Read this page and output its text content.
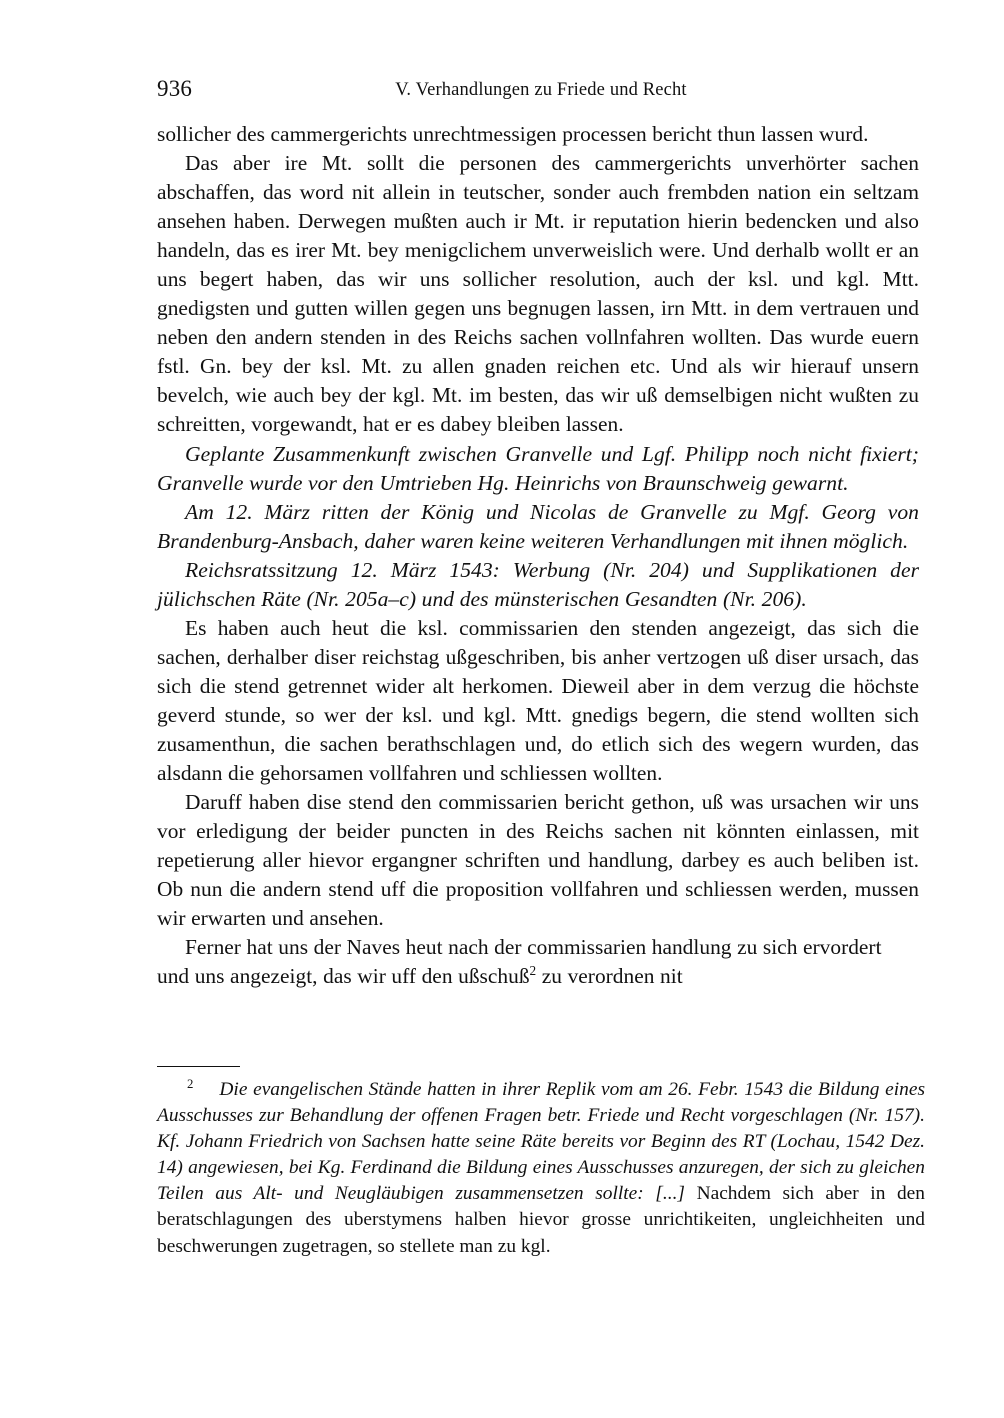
936	V. Verhandlungen zu Friede und Recht

sollicher des cammergerichts unrechtmessigen processen bericht thun lassen wurd.

Das aber ire Mt. sollt die personen des cammergerichts unverhörter sachen abschaffen, das word nit allein in teutscher, sonder auch frembden nation ein seltzam ansehen haben. Derwegen mußten auch ir Mt. ir reputation hierin bedencken und also handeln, das es irer Mt. bey menigclichem unverweislich were. Und derhalb wollt er an uns begert haben, das wir uns sollicher resolution, auch der ksl. und kgl. Mtt. gnedigsten und gutten willen gegen uns begnugen lassen, irn Mtt. in dem vertrauen und neben den andern stenden in des Reichs sachen vollnfahren wollten. Das wurde euern fstl. Gn. bey der ksl. Mt. zu allen gnaden reichen etc. Und als wir hierauf unsern bevelch, wie auch bey der kgl. Mt. im besten, das wir uß demselbigen nicht wußten zu schreitten, vorgewandt, hat er es dabey bleiben lassen.

Geplante Zusammenkunft zwischen Granvelle und Lgf. Philipp noch nicht fixiert; Granvelle wurde vor den Umtrieben Hg. Heinrichs von Braunschweig gewarnt.

Am 12. März ritten der König und Nicolas de Granvelle zu Mgf. Georg von Brandenburg-Ansbach, daher waren keine weiteren Verhandlungen mit ihnen möglich.

Reichsratssitzung 12. März 1543: Werbung (Nr. 204) und Supplikationen der jülichschen Räte (Nr. 205a–c) und des münsterischen Gesandten (Nr. 206).

Es haben auch heut die ksl. commissarien den stenden angezeigt, das sich die sachen, derhalber diser reichstag ußgeschriben, bis anher vertzogen uß diser ursach, das sich die stend getrennet wider alt herkomen. Dieweil aber in dem verzug die höchste geverd stunde, so wer der ksl. und kgl. Mtt. gnedigs begern, die stend wollten sich zusamenthun, die sachen berathschlagen und, do etlich sich des wegern wurden, das alsdann die gehorsamen vollfahren und schliessen wollten.

Daruff haben dise stend den commissarien bericht gethon, uß was ursachen wir uns vor erledigung der beider puncten in des Reichs sachen nit könnten einlassen, mit repetierung aller hievor ergangner schriften und handlung, darbey es auch beliben ist. Ob nun die andern stend uff die proposition vollfahren und schliessen werden, mussen wir erwarten und ansehen.

Ferner hat uns der Naves heut nach der commissarien handlung zu sich ervordert und uns angezeigt, das wir uff den ußschuß$^2$ zu verordnen nit

$^2$ Die evangelischen Stände hatten in ihrer Replik vom am 26. Febr. 1543 die Bildung eines Ausschusses zur Behandlung der offenen Fragen betr. Friede und Recht vorgeschlagen (Nr. 157). Kf. Johann Friedrich von Sachsen hatte seine Räte bereits vor Beginn des RT (Lochau, 1542 Dez. 14) angewiesen, bei Kg. Ferdinand die Bildung eines Ausschusses anzuregen, der sich zu gleichen Teilen aus Alt- und Neugläubigen zusammensetzen sollte: [...] Nachdem sich aber in den beratschlagungen des uberstymens halben hievor grosse unrichtikeiten, ungleichheiten und beschwerungen zugetragen, so stellete man zu kgl.
